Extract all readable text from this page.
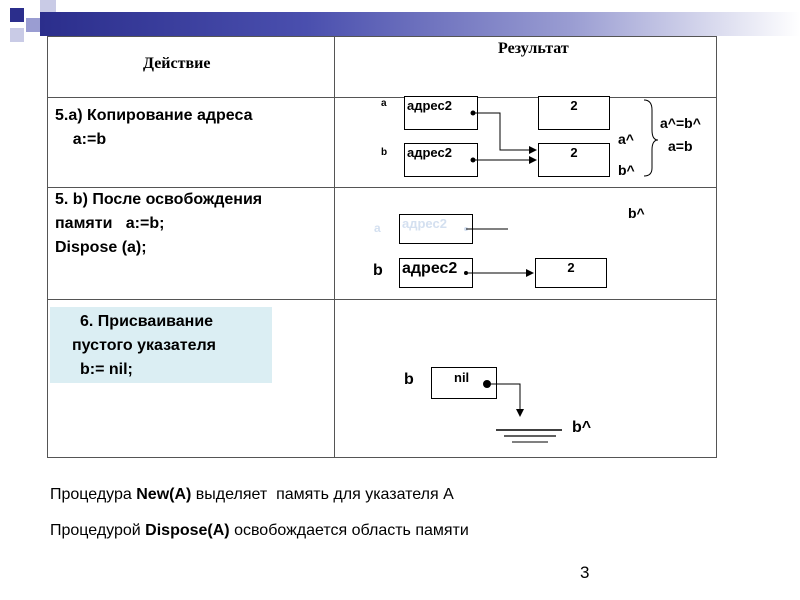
Действие
Результат
5.a) Копирование адреса
a:=b
5. b) После освобождения
памяти   a:=b;
Dispose (a);
6. Присваивание
пустого указателя
b:= nil;
a адрес2
b адрес2
2
2
a^
b^
a^=b^
a=b
a адрес2
b адрес2	2
b^
b	nil
b^
Процедура New(A) выделяет  память для указателя А
Процедурой Dispose(A) освобождается область памяти
3
